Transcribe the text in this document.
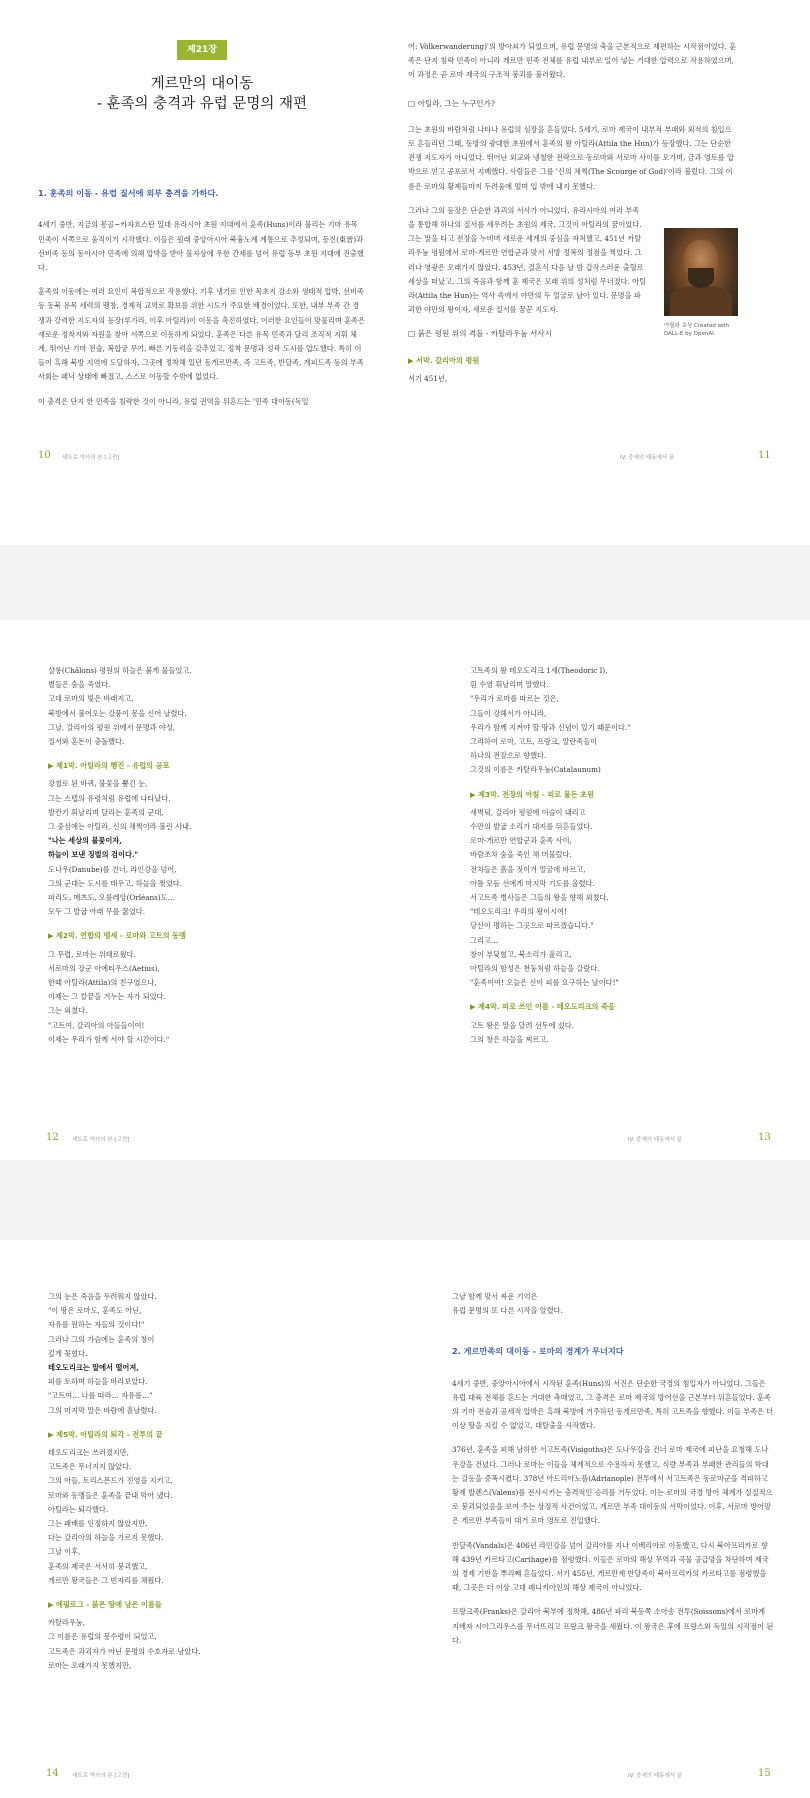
제21장
게르만의 대이동
- 훈족의 충격과 유럽 문명의 재편
1. 훈족의 이동 - 유럽 질서에 외부 충격을 가하다.

4세기 중반, 지금의 몽골~카자흐스탄 일대 유라시아 초원 지대에서 훈족(Huns)이라 불리는 기마 유목 민족이 서쪽으로 움직이기 시작했다. 이들은 원래 중앙아시아 북흉노계 계통으로 추정되며, 동진(東晉)과 선비족 등의 동아시아 민족에 의해 압박을 받아 물자상에 우한 간세를 넘어 유럽 동부 초원 지대에 진출했다.

훈족의 이동에는 여러 요인이 복합적으로 작용했다. 기후 냉기로 인한 목초지 감소와 생태적 압박, 선비족 등 동북 유목 세력의 팽창, 경제적 교역로 확보를 위한 시도가 주요한 배경이었다. 또한, 내부 부족 간 경쟁과 강력한 지도자의 등장(루가라, 이후 아틸라)이 이동을 촉진하였다. 이러한 요인들이 맞물리며 훈족은 새로운 정착지와 자원을 찾아 서쪽으로 이동하게 되었다. 훈족은 다른 유목 민족과 달리 조직적 지휘 체계, 뛰어난 기마 전술, 복합궁 무기, 빠른 기동력을 갖추었고, 정착 문명과 성곽 도시를 압도했다. 특히 이들이 흑해 북방 지역에 도달하자, 그곳에 정착해 있던 동게르만족, 즉 고트족, 반달족, 게피드족 등의 부족 사회는 패닉 상태에 빠졌고, 스스로 이동할 수밖에 없었다.

이 충격은 단지 한 민족을 침략한 것이 아니라, 유럽 권역을 뒤흔드는 '민족 대이동(독일

10 세트로 역사의 본 [고전]

어: Völkerwanderung)'의 방아쇠가 되었으며, 유럽 문명의 축을 근본적으로 재편하는 시작점이었다. 훈족은 단지 침략 민족이 아니라 게르만 민족 전체를 유럽 내부로 밀어 넣는 거대한 압력으로 작용하였으며, 이 과정은 곧 로마 제국의 구조적 붕괴를 불러왔다.

□ 아틸라, 그는 누구인가?

그는 초원의 바람처럼 나타나 유럽의 심장을 흔들었다. 5세기, 로마 제국이 내부적 부패와 외적의 침입으로 흔들리던 그때, 동방의 광대한 초원에서 훈족의 왕 아틸라(Attila the Hun)가 등장했다. 그는 단순한 전쟁 지도자가 아니었다. 뛰어난 외교와 냉철한 전략으로 동로마와 서로마 사이를 오가며, 금과 영토를 압박으로 얻고 공포로서 지배했다. 사람들은 그를 '신의 채찍(The Scourge of God)'이라 불렀다. 그의 이름은 로마의 황제들마저 두려움에 떨며 입 밖에 내지 못했다.

그러나 그의 등장은 단순한 과괴의 서사가 아니었다. 유라시아의 여러 부족을 통합해 하나의 질서를 세우려는 초원의 제국, 그것이 아틸라의 꿈이었다. 그는 말을 타고 전장을 누비며 새로운 세계의 중심을 자처했고, 451년 카탈라우눔 평원에서 로마-게르만 연합군과 맞서 서방 정복의 정점을 찍었다. 그러나 영광은 오래가지 않았다. 453년, 결혼식 다음 날 밤 갑작스러운 출혈로 세상을 떠났고, 그의 죽음과 함께 훈 제국은 모래 위의 성처럼 무너졌다. 아틸라(Attila the Hun)는 역사 속에서 야만의 두 얼굴로 남아 있다. 문명을 파괴한 야만의 왕이자, 새로운 질서를 꿈꾼 지도자.

□ 붉은 평원 위의 격돌 - 카탈라우눔 서사시
▶ 서막. 갈리아의 평원
서기 451년,
아틸라 초상 Created with DALL-E by OpenAI.
IV. 중세의 태동에서 끝	11
샬롱(Châlons) 평원의 하늘은 붉게 물들었고,
별들은 숨을 죽였다.
고대 로마의 빛은 바래지고,
북방에서 불어오는 강풍이 몽을 신어 날렸다.
그날, 갈리아의 평원 위에서 문명과 야성,
질서와 혼돈이 충돌했다.
▶ 제1막. 아틸라의 행진 - 유럽의 공포
강철로 된 바퀴, 불꽃을 뿜긴 눈,
그는 스텝의 유령처럼 유럽에 나타났다.
발칸기 휘날리며 달리는 훈족의 군대,
그 중심에는 아틸라, 신의 채찍이라 불린 사내.
"나는 세상의 불꽃이자,
하늘이 보낸 징벌의 검이다."
도나우(Danube)를 건너, 라인강을 넘어,
그의 군대는 도시를 태우고, 하늘을 찢었다.
파리도, 메츠도, 오를레앙(Orléans)도…
모두 그 발굽 아래 무릎 꿇었다.
▶ 제2막. 연합의 맹세 - 로마와 고트의 동맹
그 무렵, 로마는 위태로웠다.
서로마의 장군 아에티우스(Aetius),
한때 아틸라(Attila)의 친구였으나,
이제는 그 칼끝을 겨누는 자가 되었다.
그는 외쳤다.
"고트여, 갈리아의 아들들이여!
이제는 우리가 함께 서야 할 시간이다."
12 세트로 역사의 본 [고전]
고트족의 왕 테오도리크 1세(Theodoric I),
흰 수염 휘날리며 말했다.
"우리가 로마를 따르는 것은,
그들이 강해서가 아니라,
우리가 함께 지켜야 할 땅과 신념이 있기 때문이다."
그리하여 로마, 고트, 프랑크, 알란족들이
하나의 전장으로 향했다.
그것의 이름은 카탈라우눔(Catalaunum)
▶ 제3막. 전장의 아침 - 피로 물든 초원
새벽녘, 갈리아 평원에 이슬이 내리고
수만의 발굽 소리가 대지를 뒤흔들었다.
로마-게르만 연합군과 훈족 사이,
바람조차 숨을 죽인 채 머물렀다.
전차들은 흙을 짓이겨 얼굴에 바르고,
아틀 모듬 선에게 마지막 기도를 올렸다.
서고트족 병사들은 그들의 왕을 향해 외쳤다.
"테오도리크! 우리의 왕이시여!
당신이 명하는 그곳으로 따르겠습니다."
그리고…
창이 부딪혔고, 북소리가 울리고,
아틸라의 함성은 천둥처럼 하늘을 갈랐다.
"훈족이여! 오늘은 신이 피를 요구하는 날이다!"
▶ 제4막. 피로 쓰인 이름 - 테오도리크의 죽음
고트 왕은 말을 달려 선두에 섰다.
그의 창은 하늘을 찌르고,
IV. 중세의 태동에서 끝	13
그의 눈은 죽음을 두려워지 않았다.
"이 땅은 로마도, 훈족도 아닌,
자유를 원하는 자들의 것이다!"
그러나 그의 가슴에는 훈족의 창이
깊게 꽂혔다.
테오도리크는 말에서 떨어져,
피를 토하며 하늘을 바라보았다.
"고트여… 나를 따라… 자유를…"
그의 마지막 말은 바람에 흩날렸다.
▶ 제5막. 아틸라의 퇴각 - 전투의 끝
테오도리크는 쓰러졌지만,
고트족은 무너지지 않았다.
그의 아들, 토리스몬드가 진영을 지키고,
로마와 동맹들은 훈족을 끝내 막아 냈다.
아틸라는 퇴각했다.
그는 패배를 인정하지 않았지만,
다는 갈리아의 하늘을 가르지 못했다.
그날 이후,
훈족의 제국은 서서히 붕괴했고,
게르만 왕국들은 그 빈자리를 채웠다.
▶ 에필로그 - 붉은 땅에 남은 이름들
카탈라우눔,
그 이름은 유럽의 봉수령이 되었고,
고트족은 과괴자가 아닌 문명의 수호자로 남았다.
로마는 오래가지 못했지만,
14 세트로 역사의 본 [고전]
그날 함께 맞서 싸운 기억은
유럽 문명의 또 다른 시작을 알렸다.
2. 게르만족의 대이동 - 로마의 경계가 무너지다

4세기 중반, 중앙아시아에서 시작된 훈족(Huns)의 서진은 단순한 국경의 침입자가 아니었다. 그들은 유럽 대륙 전체를 흔드는 거대한 촉매였고, 그 충격은 로마 제국의 방어선을 근본부터 뒤흔들었다. 훈족의 기마 전술과 공세적 압박은 흑해 북방에 거주하던 동게르만족, 특히 고트족을 향했다. 이들 부족은 더 이상 땅을 지킬 수 없었고, 대탈출을 시작했다.

376년, 훈족을 피해 남하한 서고트족(Visigoths)은 도나우강을 건너 로마 제국에 피난을 요청해 도나우강을 건넜다. 그러나 로마는 이들을 체계적으로 수용하지 못했고, 식량 부족과 부패한 관리들의 학대는 갈등을 증폭시켰다. 378년 아드리아노플(Adrianople) 전투에서 서고트족은 동로마군을 격파하고 황제 발렌스(Valens)를 전사시키는 충격적인 승리를 거두었다. 이는 로마의 국경 방어 체계가 실질적으로 붕괴되었음을 보여 주는 상징적 사건이었고, 게르만 부족 대이동의 서막이었다. 이후, 서로마 방어망은 게르만 부족들이 대거 로마 영토로 진입했다.

반달족(Vandals)은 406년 라인강을 넘어 갈리아를 지나 이베리아로 이동했고, 다시 북아프리카로 향해 439년 카르타고(Carthage)를 점령했다. 이들은 로마의 해상 무역과 곡물 공급망을 차단하며 제국의 경제 기반을 뿌리째 흔들었다. 서기 455년, 게르만계 반달족이 북아프리카의 카르타고를 점령했을 때, 그곳은 더 이상 고대 페니키아인의 해상 제국이 아니었다.

프랑크족(Franks)은 갈리아 북부에 정착해, 486년 파리 북동쪽 소아송 전투(Soissons)에서 로마계 지배자 시아그리우스를 무너뜨리고 프랑크 왕국을 세웠다. 이 왕국은 후에 프랑스와 독일의 시작점이 된다.

IV. 중세의 태동에서 끝	15
